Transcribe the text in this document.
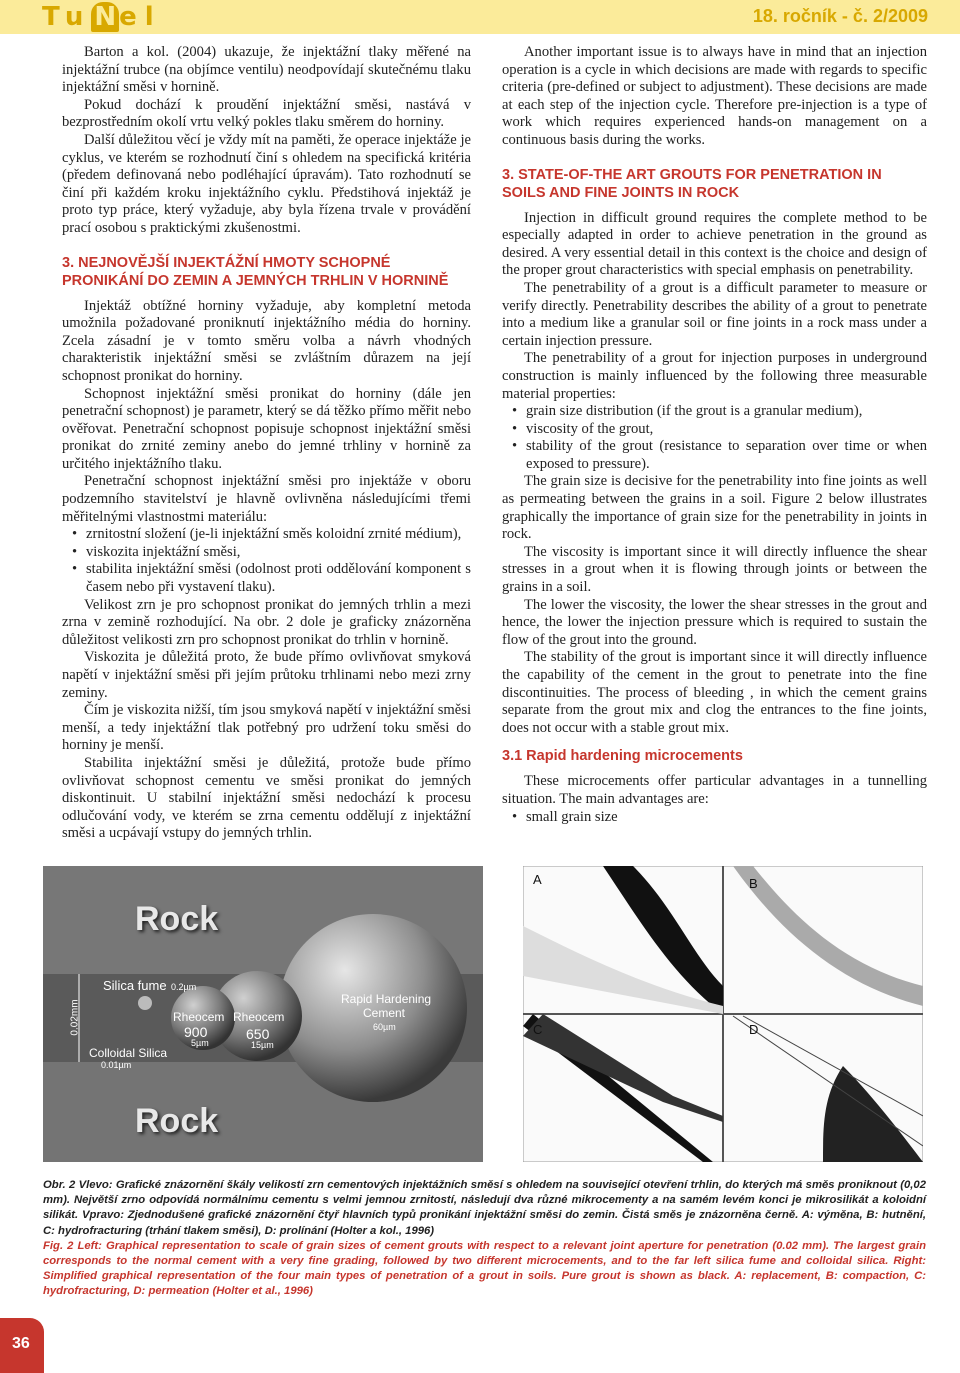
Tu N el	18. ročník - č. 2/2009

Barton a kol. (2004) ukazuje, že injektážní tlaky měřené na injektážní trubce (na objímce ventilu) neodpovídají skutečnému tlaku injektážní směsi v hornině.

Pokud dochází k proudění injektážní směsi, nastává v bezprostředním okolí vrtu velký pokles tlaku směrem do horniny.

Další důležitou věcí je vždy mít na paměti, že operace injektáže je cyklus, ve kterém se rozhodnutí činí s ohledem na specifická kritéria (předem definovaná nebo podléhající úpravám). Tato rozhodnutí se činí při každém kroku injektážního cyklu. Předstihová injektáž je proto typ práce, který vyžaduje, aby byla řízena trvale v provádění prací osobou s praktickými zkušenostmi.

3. NEJNOVĚJŠÍ INJEKTÁŽNÍ HMOTY SCHOPNÉ PRONIKÁNÍ DO ZEMIN A JEMNÝCH TRHLIN V HORNINĚ

Injektáž obtížné horniny vyžaduje, aby kompletní metoda umožnila požadované proniknutí injektážního média do horniny. Zcela zásadní je v tomto směru volba a návrh vhodných charakteristik injektážní směsi se zvláštním důrazem na její schopnost pronikat do horniny.

Schopnost injektážní směsi pronikat do horniny (dále jen penetrační schopnost) je parametr, který se dá těžko přímo měřit nebo ověřovat. Penetrační schopnost popisuje schopnost injektážní směsi pronikat do zrnité zeminy anebo do jemné trhliny v hornině za určitého injektážního tlaku.

Penetrační schopnost injektážní směsi pro injektáže v oboru podzemního stavitelství je hlavně ovlivněna následujícími třemi měřitelnými vlastnostmi materiálu:

• zrnitostní složení (je-li injektážní směs koloidní zrnité médium),
• viskozita injektážní směsi,
• stabilita injektážní směsi (odolnost proti oddělování komponent s časem nebo při vystavení tlaku).

Velikost zrn je pro schopnost pronikat do jemných trhlin a mezi zrna v zemině rozhodující. Na obr. 2 dole je graficky znázorněna důležitost velikosti zrn pro schopnost pronikat do trhlin v hornině.

Viskozita je důležitá proto, že bude přímo ovlivňovat smyková napětí v injektážní směsi při jejím průtoku trhlinami nebo mezi zrny zeminy.

Čím je viskozita nižší, tím jsou smyková napětí v injektážní směsi menší, a tedy injektážní tlak potřebný pro udržení toku směsi do horniny je menší.

Stabilita injektážní směsi je důležitá, protože bude přímo ovlivňovat schopnost cementu ve směsi pronikat do jemných diskontinuit. U stabilní injektážní směsi nedochází k procesu odlučování vody, ve kterém se zrna cementu oddělují z injektážní směsi a ucpávají vstupy do jemných trhlin.

Another important issue is to always have in mind that an injection operation is a cycle in which decisions are made with regards to specific criteria (pre-defined or subject to adjustment). These decisions are made at each step of the injection cycle. Therefore pre-injection is a type of work which requires experienced hands-on management on a continuous basis during the works.

3. STATE-OF-THE ART GROUTS FOR PENETRATION IN SOILS AND FINE JOINTS IN ROCK

Injection in difficult ground requires the complete method to be especially adapted in order to achieve penetration in the ground as desired. A very essential detail in this context is the choice and design of the proper grout characteristics with special emphasis on penetrability.

The penetrability of a grout is a difficult parameter to measure or verify directly. Penetrability describes the ability of a grout to penetrate into a medium like a granular soil or fine joints in a rock mass under a certain injection pressure.

The penetrability of a grout for injection purposes in underground construction is mainly influenced by the following three measurable material properties:

• grain size distribution (if the grout is a granular medium),
• viscosity of the grout,
• stability of the grout (resistance to separation over time or when exposed to pressure).

The grain size is decisive for the penetrability into fine joints as well as permeating between the grains in a soil. Figure 2 below illustrates graphically the importance of grain size for the penetrability in joints in rock.

The viscosity is important since it will directly influence the shear stresses in a grout when it is flowing through joints or between the grains in a soil.

The lower the viscosity, the lower the shear stresses in the grout and hence, the lower the injection pressure which is required to sustain the flow of the grout into the ground.

The stability of the grout is important since it will directly influence the capability of the cement in the grout to penetrate into the fine discontinuities. The process of bleeding , in which the cement grains separate from the grout mix and clog the entrances to the fine joints, does not occur with a stable grout mix.

3.1 Rapid hardening microcements

These microcements offer particular advantages in a tunnelling situation. The main advantages are:

• small grain size
Rock
Rock
Silica fume 0.2µm
Rheocem
900
5µm
Rheocem
650
15µm
Rapid Hardening
Cement
60µm
Colloidal Silica
0.01µm
0.02mm
A	B
C	D

Obr. 2 Vlevo: Grafické znázornění škály velikostí zrn cementových injektážních směsí s ohledem na související otevření trhlin, do kterých má směs proniknout (0,02 mm). Největší zrno odpovídá normálnímu cementu s velmi jemnou zrnitostí, následují dva různé mikrocementy a na samém levém konci je mikrosilikát a koloidní silikát. Vpravo: Zjednodušené grafické znázornění čtyř hlavních typů pronikání injektážní směsi do zemin. Čistá směs je znázorněna černě. A: výměna, B: hutnění, C: hydrofracturing (trhání tlakem směsi), D: prolínání (Holter a kol., 1996)

Fig. 2 Left: Graphical representation to scale of grain sizes of cement grouts with respect to a relevant joint aperture for penetration (0.02 mm). The largest grain corresponds to the normal cement with a very fine grading, followed by two different microcements, and to the far left silica fume and colloidal silica. Right: Simplified graphical representation of the four main types of penetration of a grout in soils. Pure grout is shown as black. A: replacement, B: compaction, C: hydrofracturing, D: permeation (Holter et al., 1996)

36
